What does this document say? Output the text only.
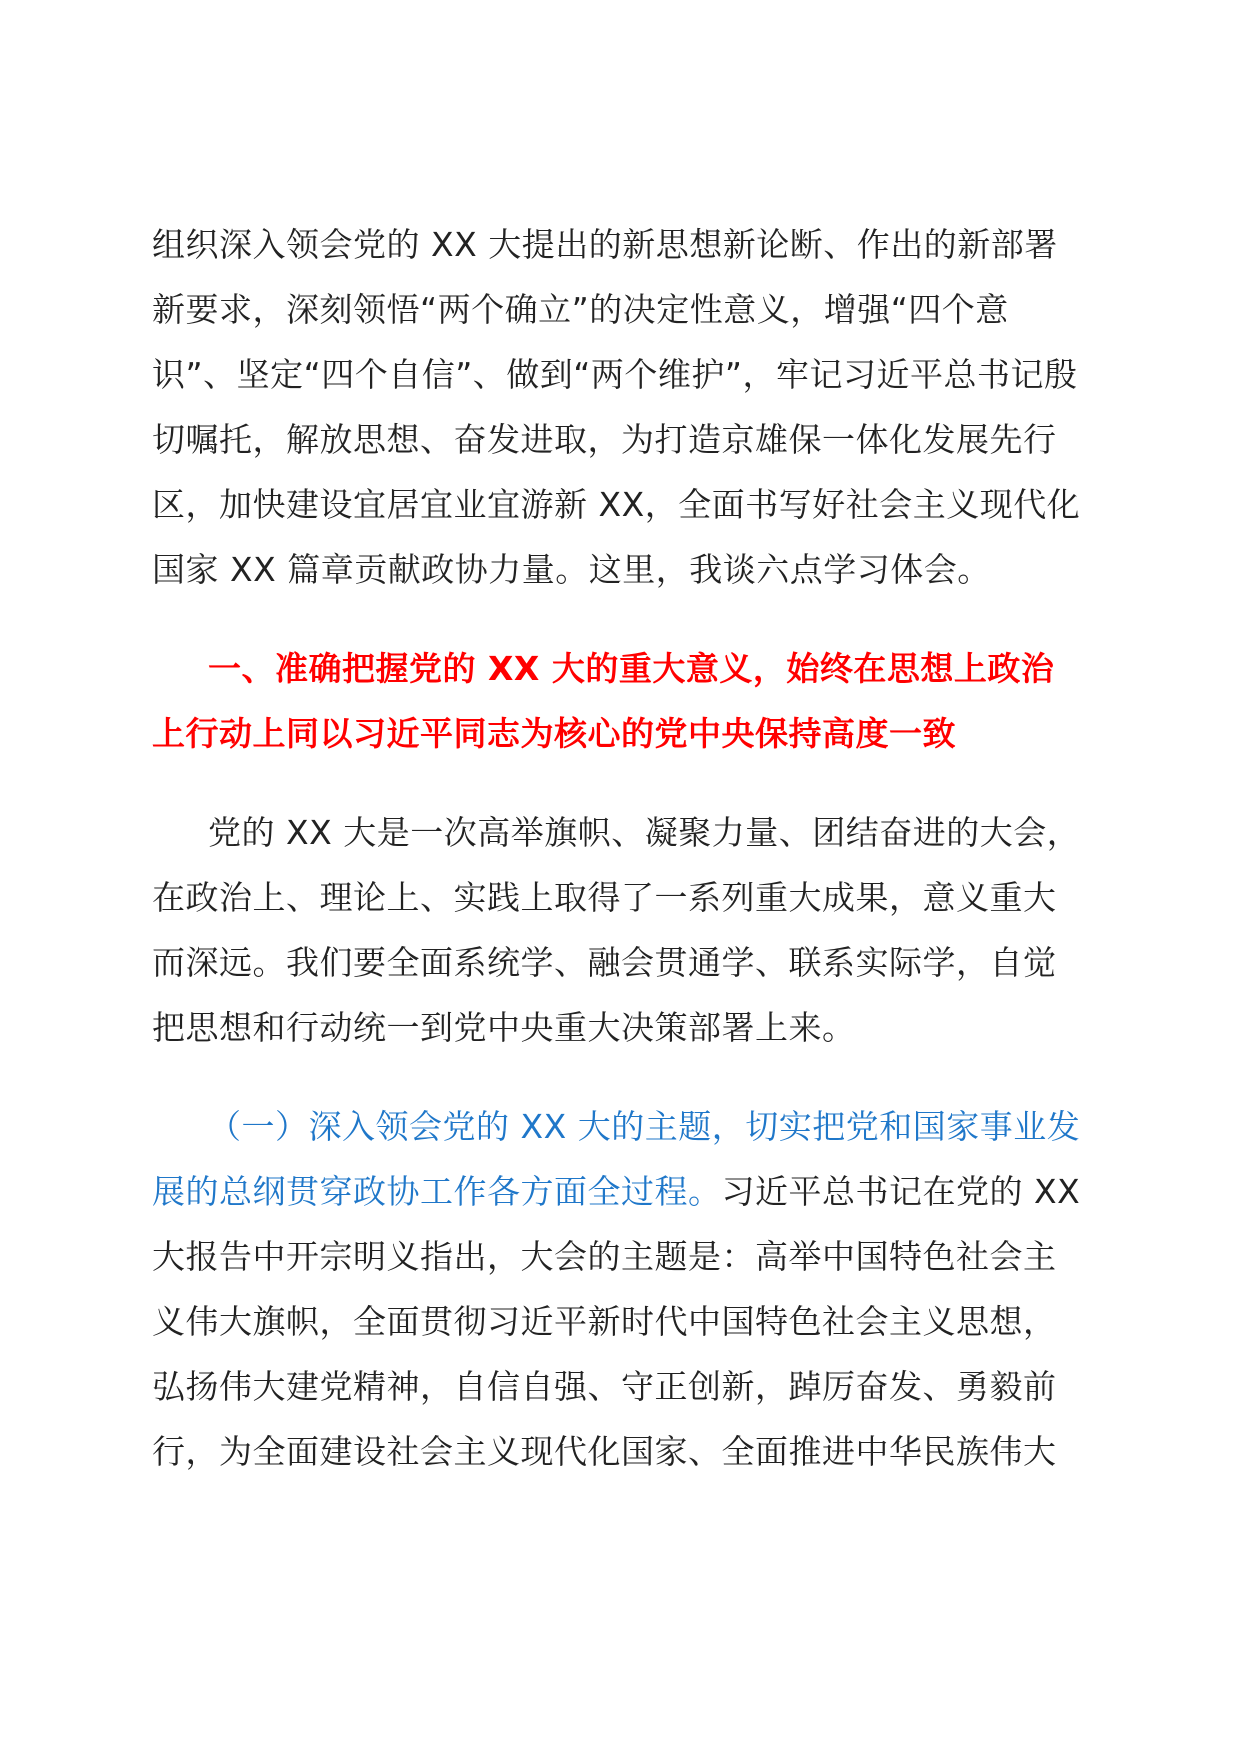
组织深入领会党的 XX 大提出的新思想新论断、作出的新部署新要求，深刻领悟“两个确立”的决定性意义，增强“四个意识”、坚定“四个自信”、做到“两个维护”，牢记习近平总书记殷切嘱托，解放思想、奋发进取，为打造京雄保一体化发展先行区，加快建设宜居宜业宜游新 XX，全面书写好社会主义现代化国家 XX 篇章贡献政协力量。这里，我谈六点学习体会。

一、准确把握党的 XX 大的重大意义，始终在思想上政治上行动上同以习近平同志为核心的党中央保持高度一致

党的 XX 大是一次高举旗帜、凝聚力量、团结奋进的大会，在政治上、理论上、实践上取得了一系列重大成果，意义重大而深远。我们要全面系统学、融会贯通学、联系实际学，自觉把思想和行动统一到党中央重大决策部署上来。

（一）深入领会党的 XX 大的主题，切实把党和国家事业发展的总纲贯穿政协工作各方面全过程。习近平总书记在党的 XX 大报告中开宗明义指出，大会的主题是：高举中国特色社会主义伟大旗帜，全面贯彻习近平新时代中国特色社会主义思想，弘扬伟大建党精神，自信自强、守正创新，踔厉奋发、勇毅前行，为全面建设社会主义现代化国家、全面推进中华民族伟大
